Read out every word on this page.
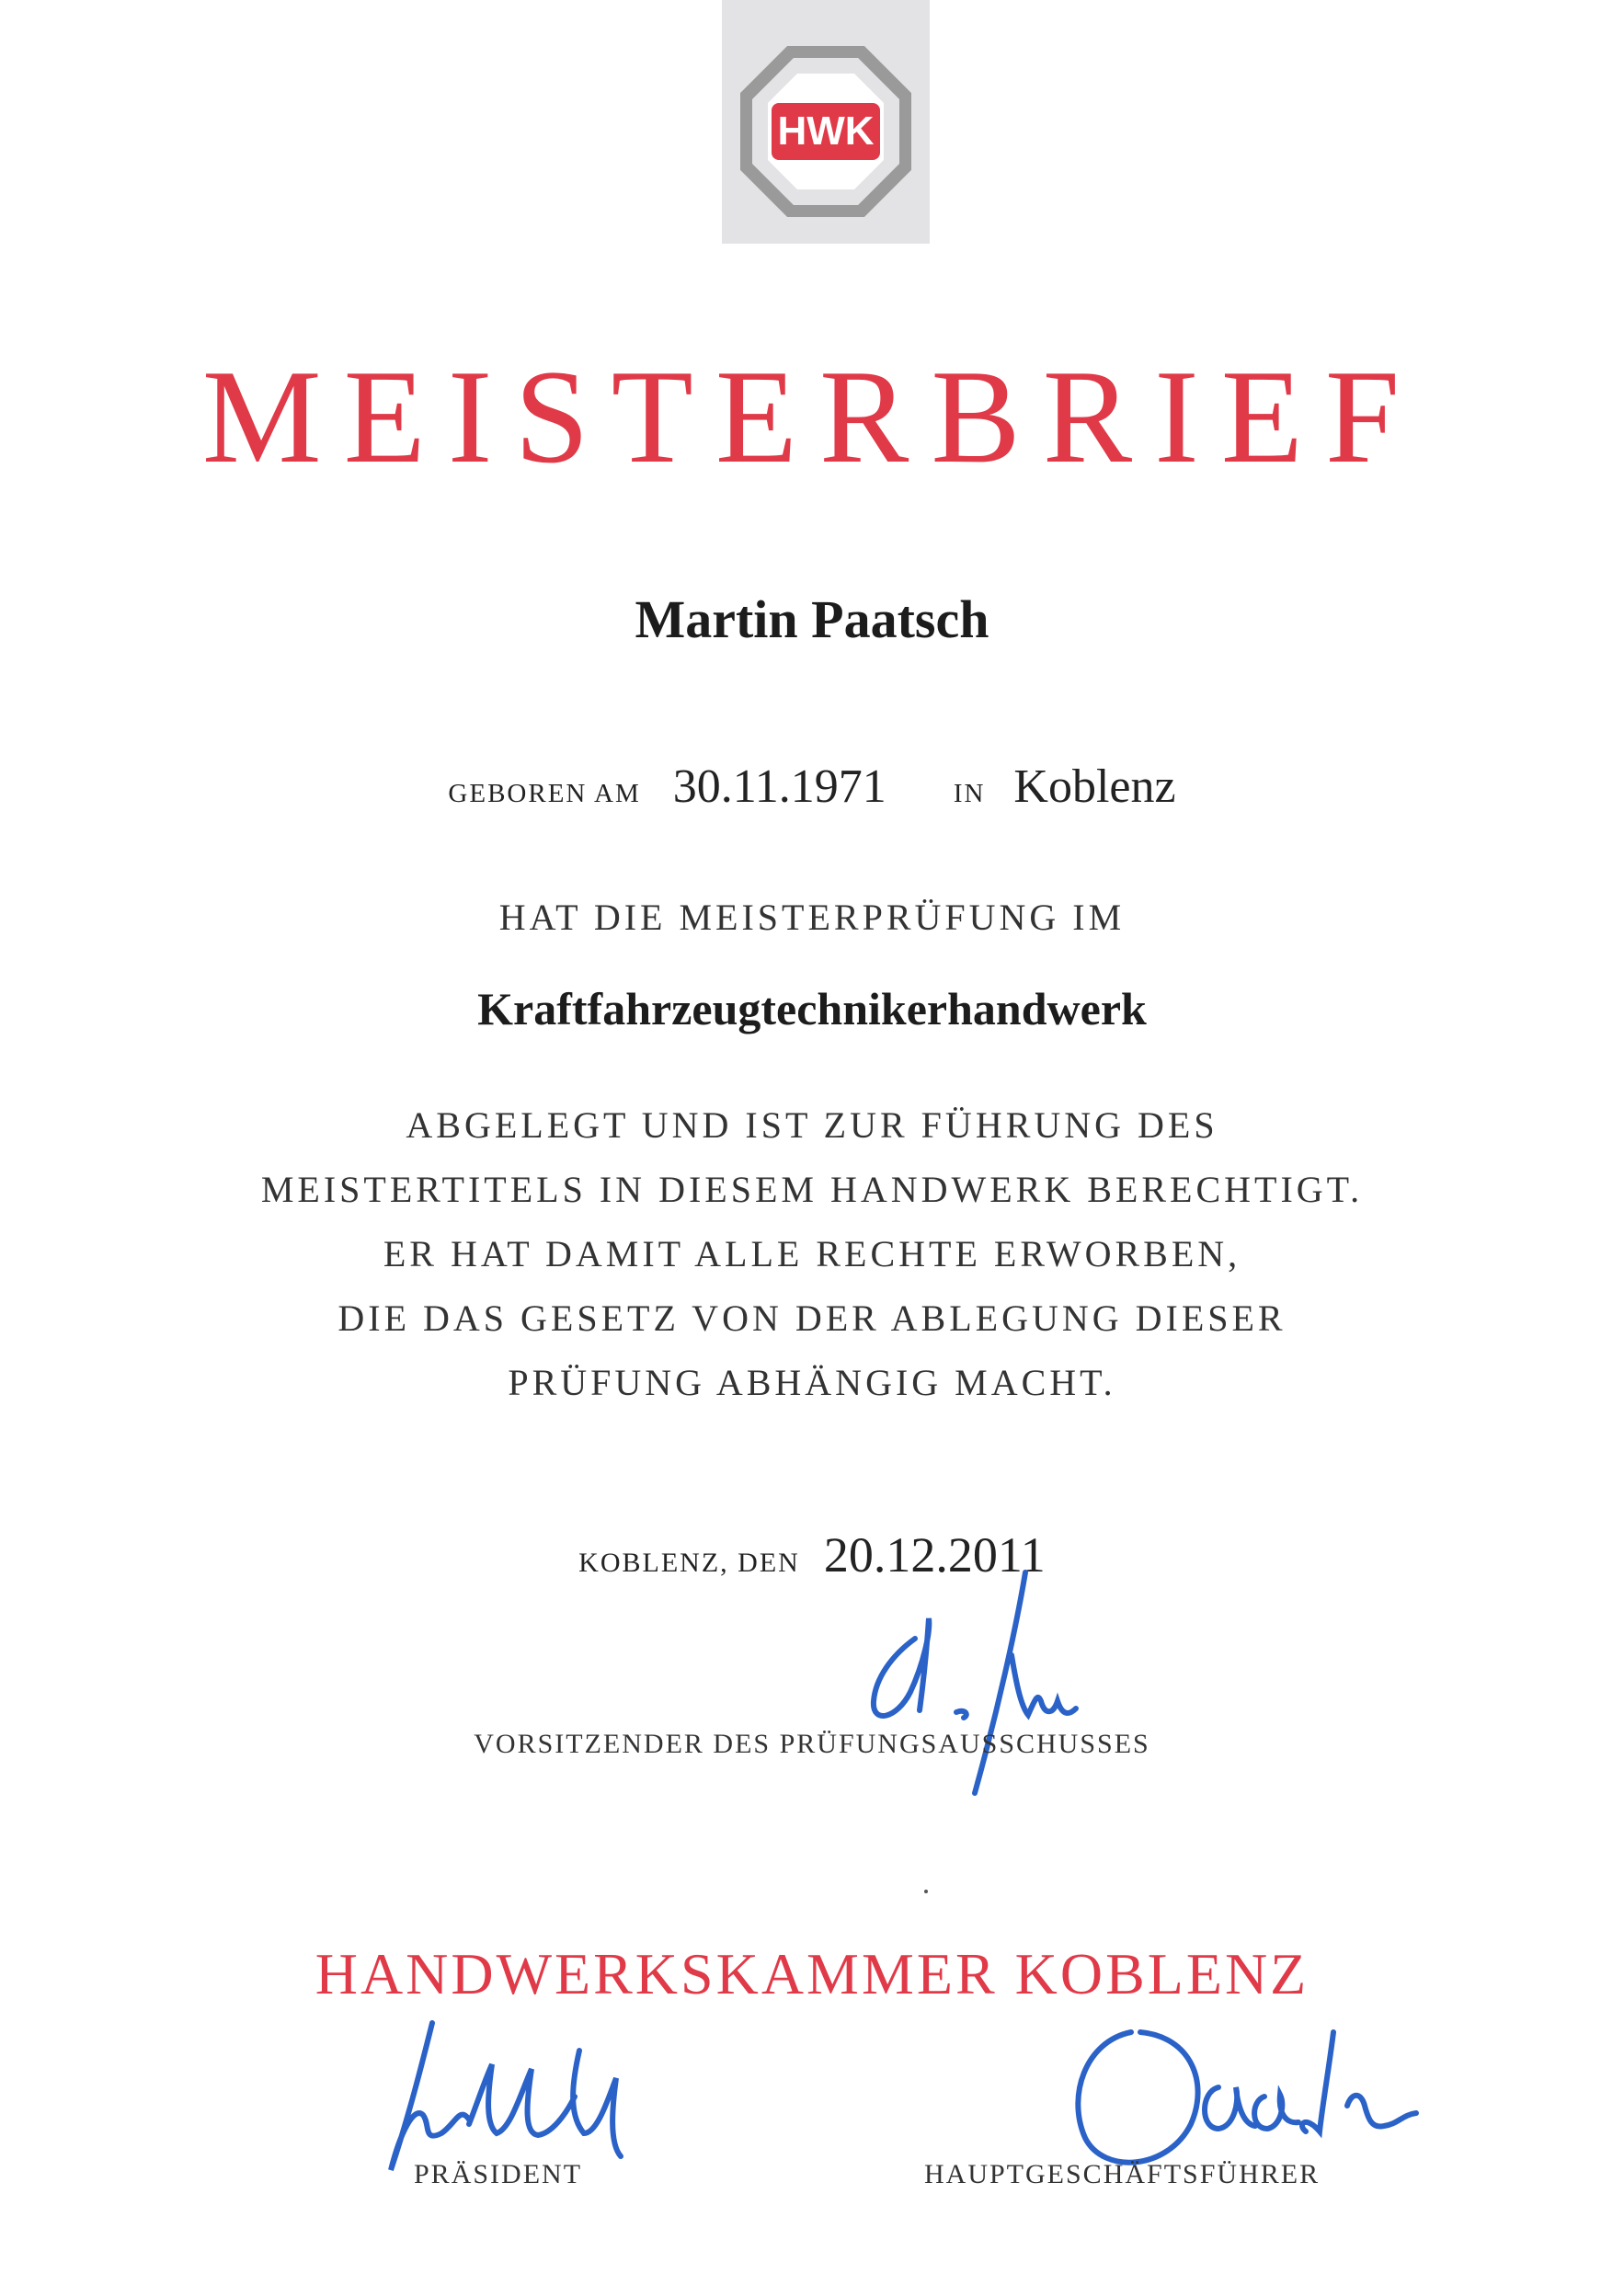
HWK
MEISTERBRIEF
Martin Paatsch
GEBOREN AM 30.11.1971	IN Koblenz
HAT DIE MEISTERPRÜFUNG IM
Kraftfahrzeugtechnikerhandwerk
ABGELEGT UND IST ZUR FÜHRUNG DES
MEISTERTITELS IN DIESEM HANDWERK BERECHTIGT.
ER HAT DAMIT ALLE RECHTE ERWORBEN,
DIE DAS GESETZ VON DER ABLEGUNG DIESER
PRÜFUNG ABHÄNGIG MACHT.
KOBLENZ, DEN 20.12.2011
VORSITZENDER DES PRÜFUNGSAUSSCHUSSES
HANDWERKSKAMMER KOBLENZ
PRÄSIDENT	HAUPTGESCHÄFTSFÜHRER
